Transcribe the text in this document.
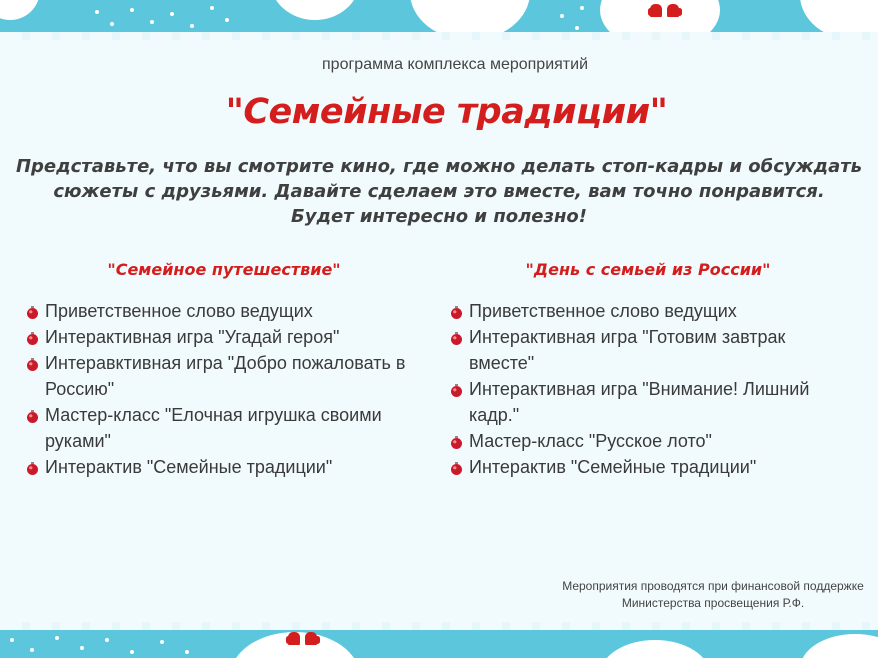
✻
программа комплекса мероприятий
"Семейные традиции"
Представьте, что вы смотрите кино, где можно делать стоп-кадры и обсуждать
сюжеты с друзьями. Давайте сделаем это вместе, вам точно понравится.
Будет интересно и полезно!
"Семейное путешествие"
Приветственное слово ведущих
Интерактивная игра "Угадай героя"
Интеравктивная игра "Добро пожаловать в Россию"
Мастер-класс "Елочная игрушка своими руками"
Интерактив "Семейные традиции"
"День с семьей из России"
Приветственное слово ведущих
Интерактивная игра "Готовим завтрак вместе"
Интерактивная игра "Внимание! Лишний кадр."
Мастер-класс "Русское лото"
Интерактив "Семейные традиции"
Мероприятия проводятся при финансовой поддержке
Министерства просвещения Р.Ф.
